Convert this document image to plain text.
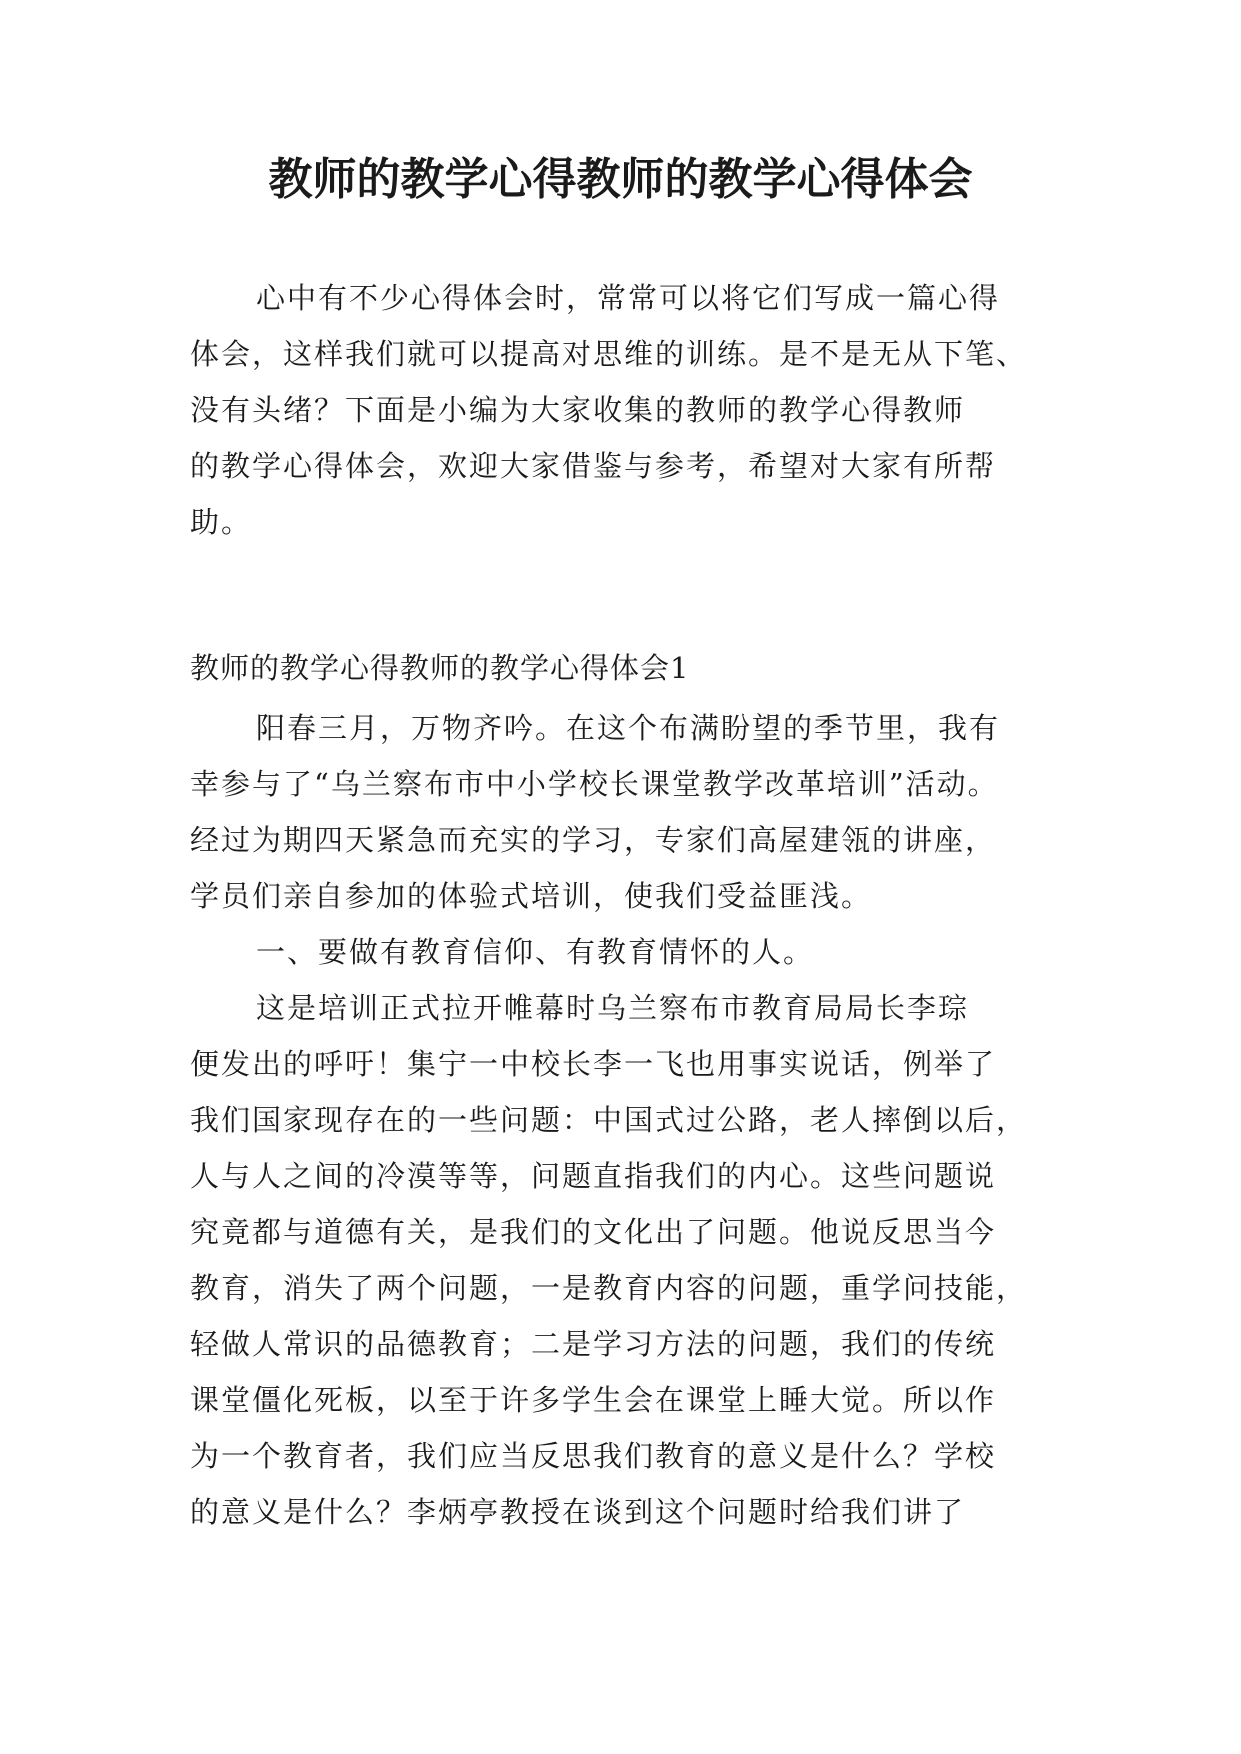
教师的教学心得教师的教学心得体会
心中有不少心得体会时，常常可以将它们写成一篇心得
体会，这样我们就可以提高对思维的训练。是不是无从下笔、
没有头绪？下面是小编为大家收集的教师的教学心得教师
的教学心得体会，欢迎大家借鉴与参考，希望对大家有所帮
助。
教师的教学心得教师的教学心得体会1
阳春三月，万物齐吟。在这个布满盼望的季节里，我有
幸参与了“乌兰察布市中小学校长课堂教学改革培训”活动。
经过为期四天紧急而充实的学习，专家们高屋建瓴的讲座，
学员们亲自参加的体验式培训，使我们受益匪浅。
一、要做有教育信仰、有教育情怀的人。
这是培训正式拉开帷幕时乌兰察布市教育局局长李琮
便发出的呼吁！集宁一中校长李一飞也用事实说话，例举了
我们国家现存在的一些问题：中国式过公路，老人摔倒以后，
人与人之间的冷漠等等，问题直指我们的内心。这些问题说
究竟都与道德有关，是我们的文化出了问题。他说反思当今
教育，消失了两个问题，一是教育内容的问题，重学问技能，
轻做人常识的品德教育；二是学习方法的问题，我们的传统
课堂僵化死板，以至于许多学生会在课堂上睡大觉。所以作
为一个教育者，我们应当反思我们教育的意义是什么？学校
的意义是什么？李炳亭教授在谈到这个问题时给我们讲了
